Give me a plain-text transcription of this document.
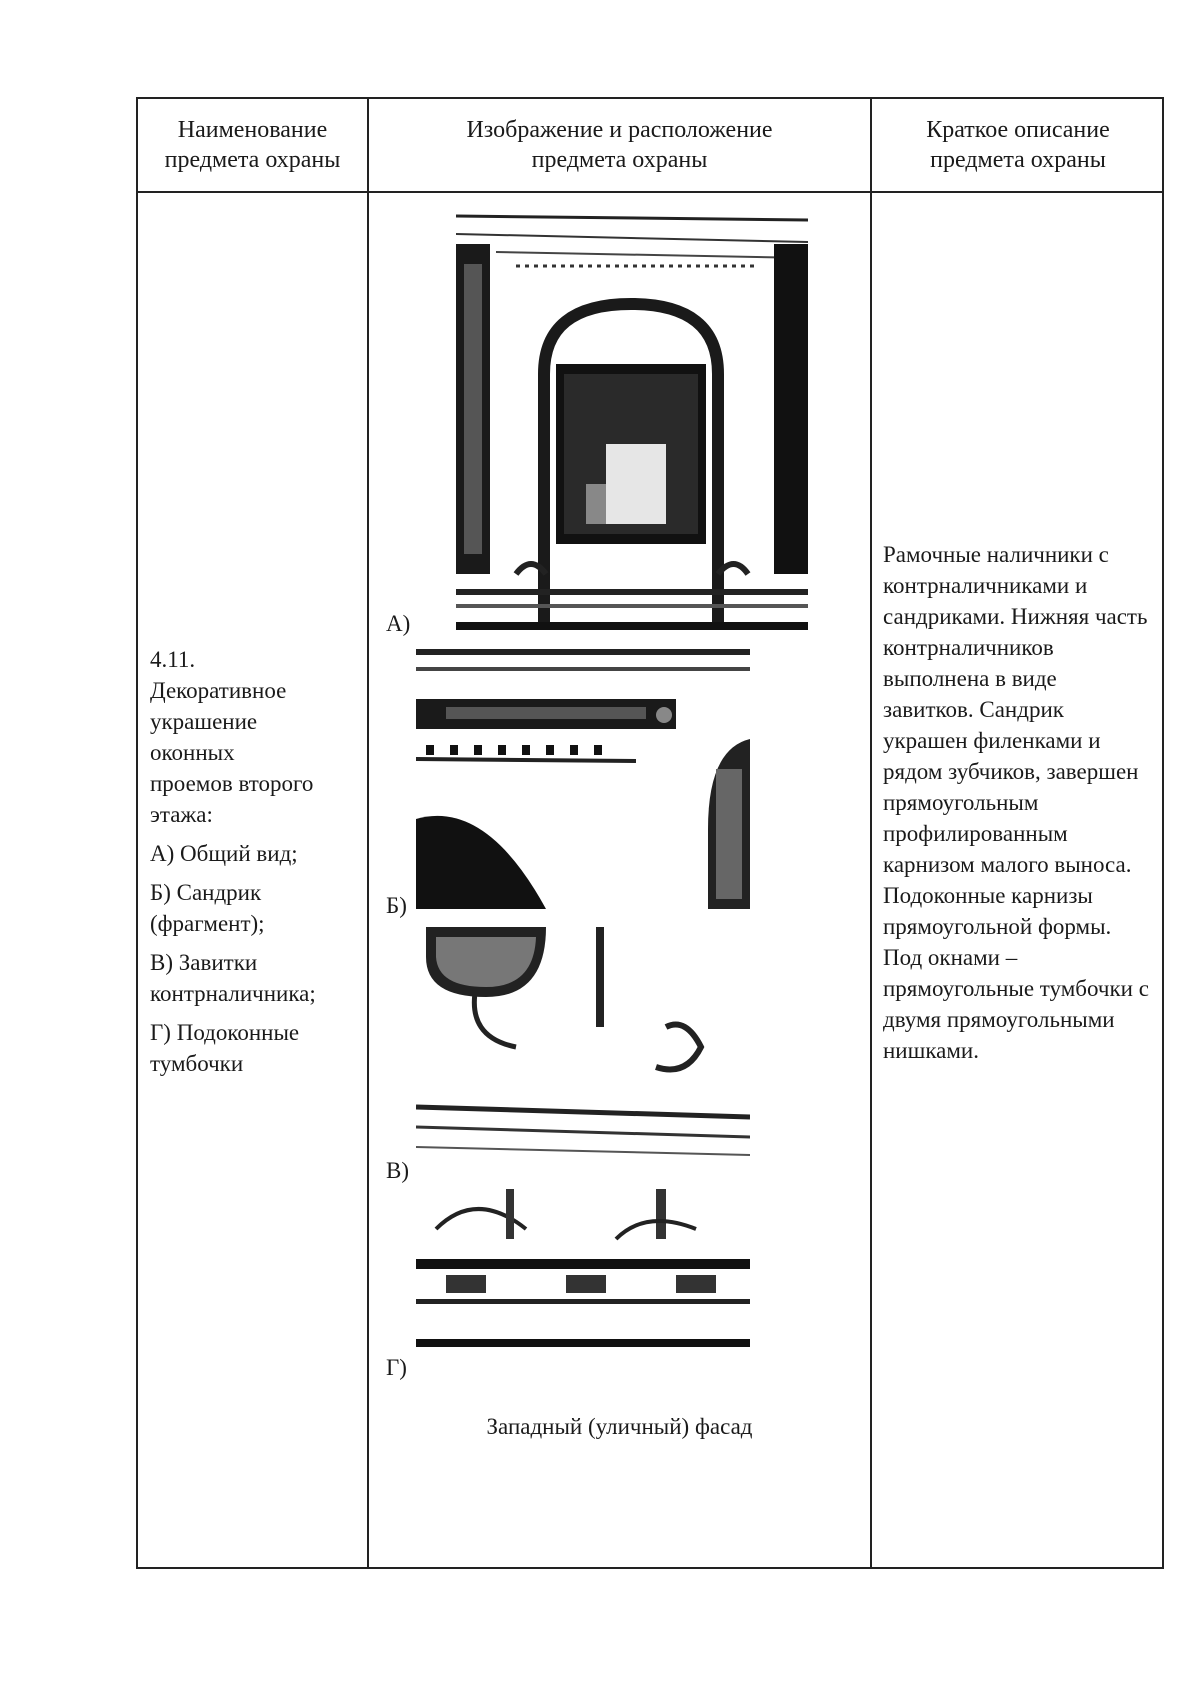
Наименование
предмета охраны
Изображение и расположение
предмета охраны
Краткое описание
предмета охраны
4.11.
Декоративное
украшение
оконных
проемов второго
этажа:

А) Общий вид;

Б) Сандрик (фрагмент);

В) Завитки контрналичника;

Г) Подоконные тумбочки

А)
Б)
В)
Г)
Западный (уличный) фасад
Рамочные наличники с контрналичниками и сандриками. Нижняя часть контрналичников выполнена в виде завитков. Сандрик украшен филенками и рядом зубчиков, завершен прямоугольным профилированным карнизом малого выноса. Подоконные карнизы прямоугольной формы. Под окнами – прямоугольные тумбочки с двумя прямоугольными нишками.
